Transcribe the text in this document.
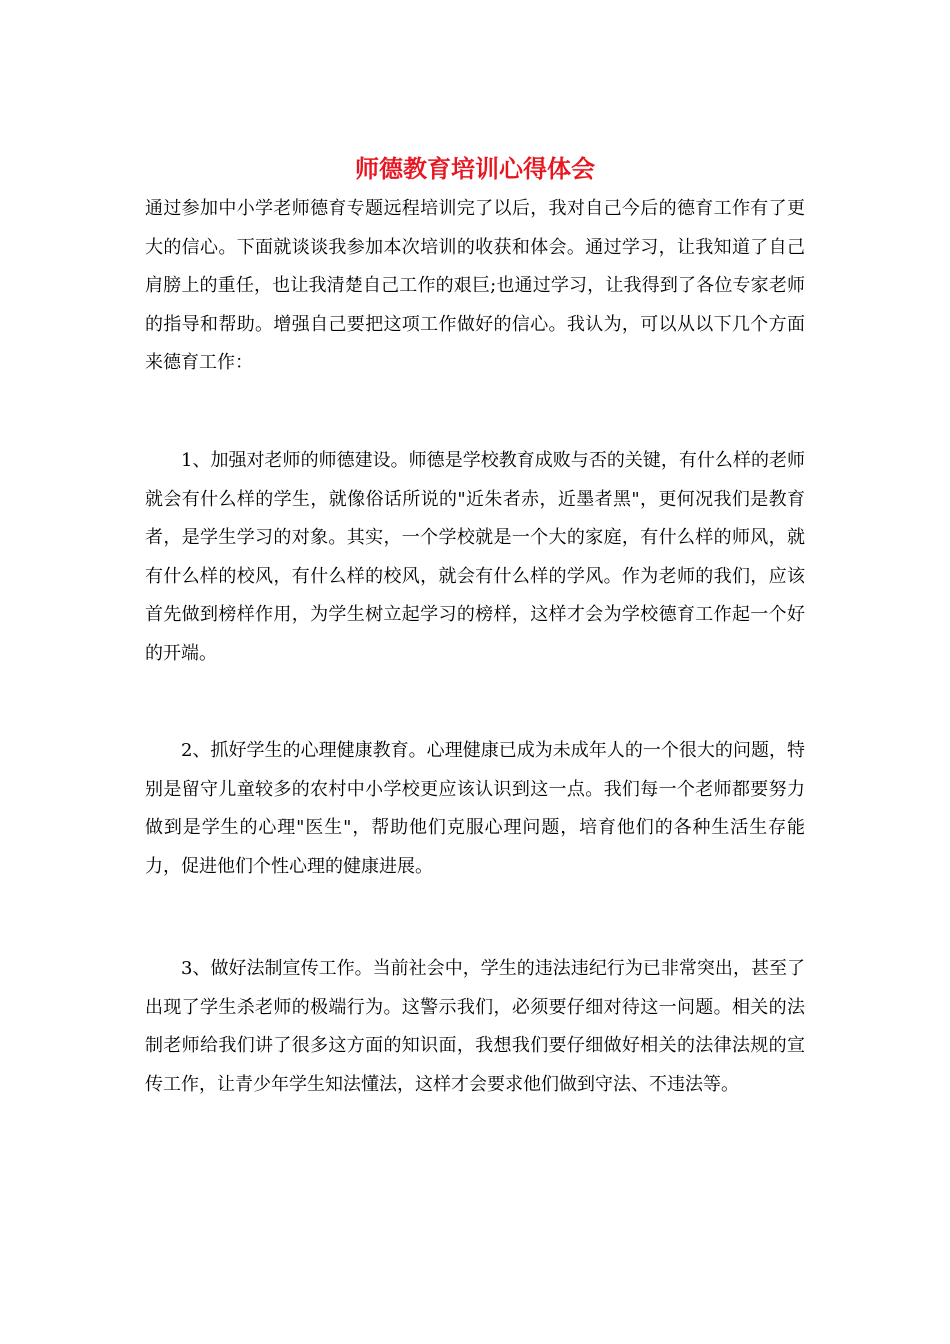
师德教育培训心得体会

通过参加中小学老师德育专题远程培训完了以后，我对自己今后的德育工作有了更大的信心。下面就谈谈我参加本次培训的收获和体会。通过学习，让我知道了自己肩膀上的重任，也让我清楚自己工作的艰巨;也通过学习，让我得到了各位专家老师的指导和帮助。增强自己要把这项工作做好的信心。我认为，可以从以下几个方面来德育工作：

1、加强对老师的师德建设。师德是学校教育成败与否的关键，有什么样的老师就会有什么样的学生，就像俗话所说的"近朱者赤，近墨者黑"，更何况我们是教育者，是学生学习的对象。其实，一个学校就是一个大的家庭，有什么样的师风，就有什么样的校风，有什么样的校风，就会有什么样的学风。作为老师的我们，应该首先做到榜样作用，为学生树立起学习的榜样，这样才会为学校德育工作起一个好的开端。

2、抓好学生的心理健康教育。心理健康已成为未成年人的一个很大的问题，特别是留守儿童较多的农村中小学校更应该认识到这一点。我们每一个老师都要努力做到是学生的心理"医生"，帮助他们克服心理问题，培育他们的各种生活生存能力，促进他们个性心理的健康进展。

3、做好法制宣传工作。当前社会中，学生的违法违纪行为已非常突出，甚至了出现了学生杀老师的极端行为。这警示我们，必须要仔细对待这一问题。相关的法制老师给我们讲了很多这方面的知识面，我想我们要仔细做好相关的法律法规的宣传工作，让青少年学生知法懂法，这样才会要求他们做到守法、不违法等。
